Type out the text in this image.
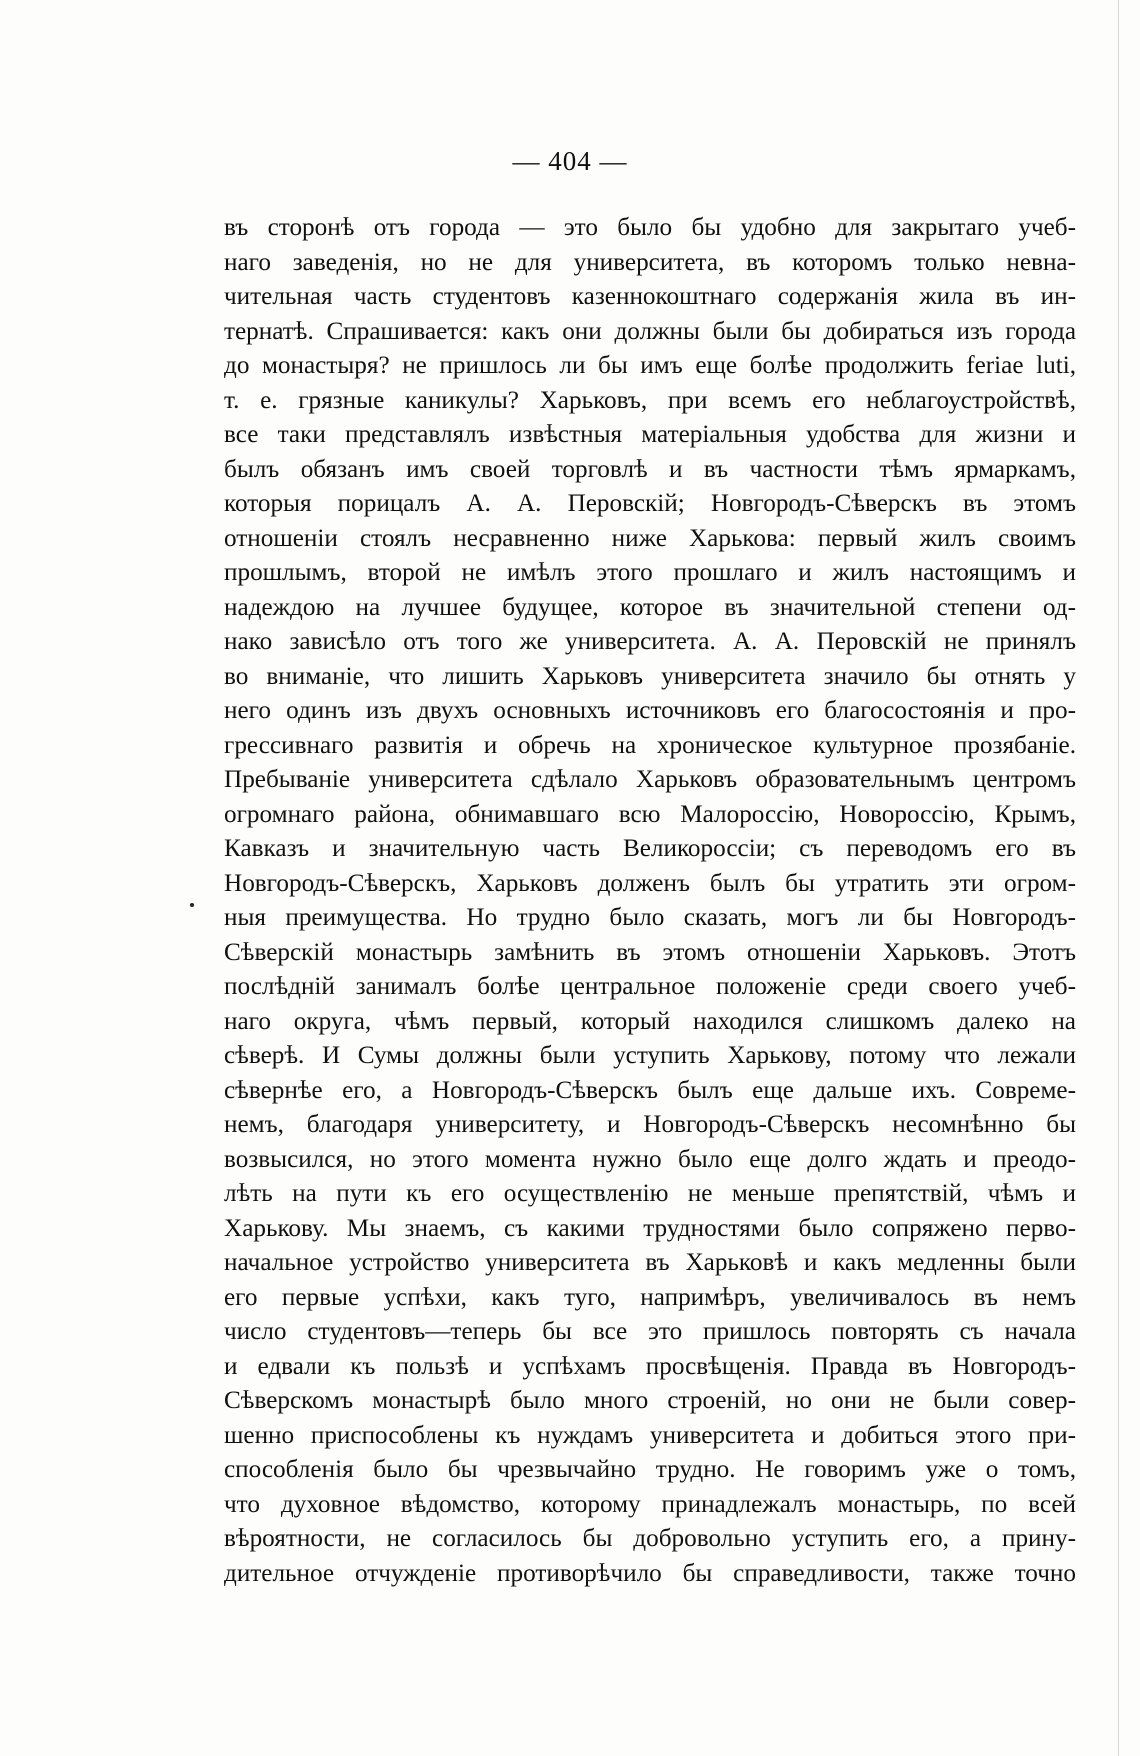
— 404 —
въ сторонѣ отъ города — это было бы удобно для закрытаго учеб-
наго заведенія, но не для университета, въ которомъ только невна-
чительная часть студентовъ казеннокоштнаго содержанія жила въ ин-
тернатѣ. Спрашивается: какъ они должны были бы добираться изъ города
до монастыря? не пришлось ли бы имъ еще болѣе продолжить feriae luti,
т. е. грязные каникулы? Харьковъ, при всемъ его неблагоустройствѣ,
все таки представлялъ извѣстныя матеріальныя удобства для жизни и
былъ обязанъ имъ своей торговлѣ и въ частности тѣмъ ярмаркамъ,
которыя порицалъ А. А. Перовскій; Новгородъ-Сѣверскъ въ этомъ
отношеніи стоялъ несравненно ниже Харькова: первый жилъ своимъ
прошлымъ, второй не имѣлъ этого прошлаго и жилъ настоящимъ и
надеждою на лучшее будущее, которое въ значительной степени од-
нако зависѣло отъ того же университета. А. А. Перовскій не принялъ
во вниманіе, что лишить Харьковъ университета значило бы отнять у
него одинъ изъ двухъ основныхъ источниковъ его благосостоянія и про-
грессивнаго развитія и обречь на хроническое культурное прозябаніе.
Пребываніе университета сдѣлало Харьковъ образовательнымъ центромъ
огромнаго района, обнимавшаго всю Малороссію, Новороссію, Крымъ,
Кавказъ и значительную часть Великороссіи; съ переводомъ его въ
Новгородъ-Сѣверскъ, Харьковъ долженъ былъ бы утратить эти огром-
ныя преимущества. Но трудно было сказать, могъ ли бы Новгородъ-
Сѣверскій монастырь замѣнить въ этомъ отношеніи Харьковъ. Этотъ
послѣдній занималъ болѣе центральное положеніе среди своего учеб-
наго округа, чѣмъ первый, который находился слишкомъ далеко на
сѣверѣ. И Сумы должны были уступить Харькову, потому что лежали
сѣвернѣе его, а Новгородъ-Сѣверскъ былъ еще дальше ихъ. Совреме-
немъ, благодаря университету, и Новгородъ-Сѣверскъ несомнѣнно бы
возвысился, но этого момента нужно было еще долго ждать и преодо-
лѣть на пути къ его осуществленію не меньше препятствій, чѣмъ и
Харькову. Мы знаемъ, съ какими трудностями было сопряжено перво-
начальное устройство университета въ Харьковѣ и какъ медленны были
его первые успѣхи, какъ туго, напримѣръ, увеличивалось въ немъ
число студентовъ—теперь бы все это пришлось повторять съ начала
и едвали къ пользѣ и успѣхамъ просвѣщенія. Правда въ Новгородъ-
Сѣверскомъ монастырѣ было много строеній, но они не были совер-
шенно приспособлены къ нуждамъ университета и добиться этого при-
способленія было бы чрезвычайно трудно. Не говоримъ уже о томъ,
что духовное вѣдомство, которому принадлежалъ монастырь, по всей
вѣроятности, не согласилось бы добровольно уступить его, а прину-
дительное отчужденіе противорѣчило бы справедливости, также точно
